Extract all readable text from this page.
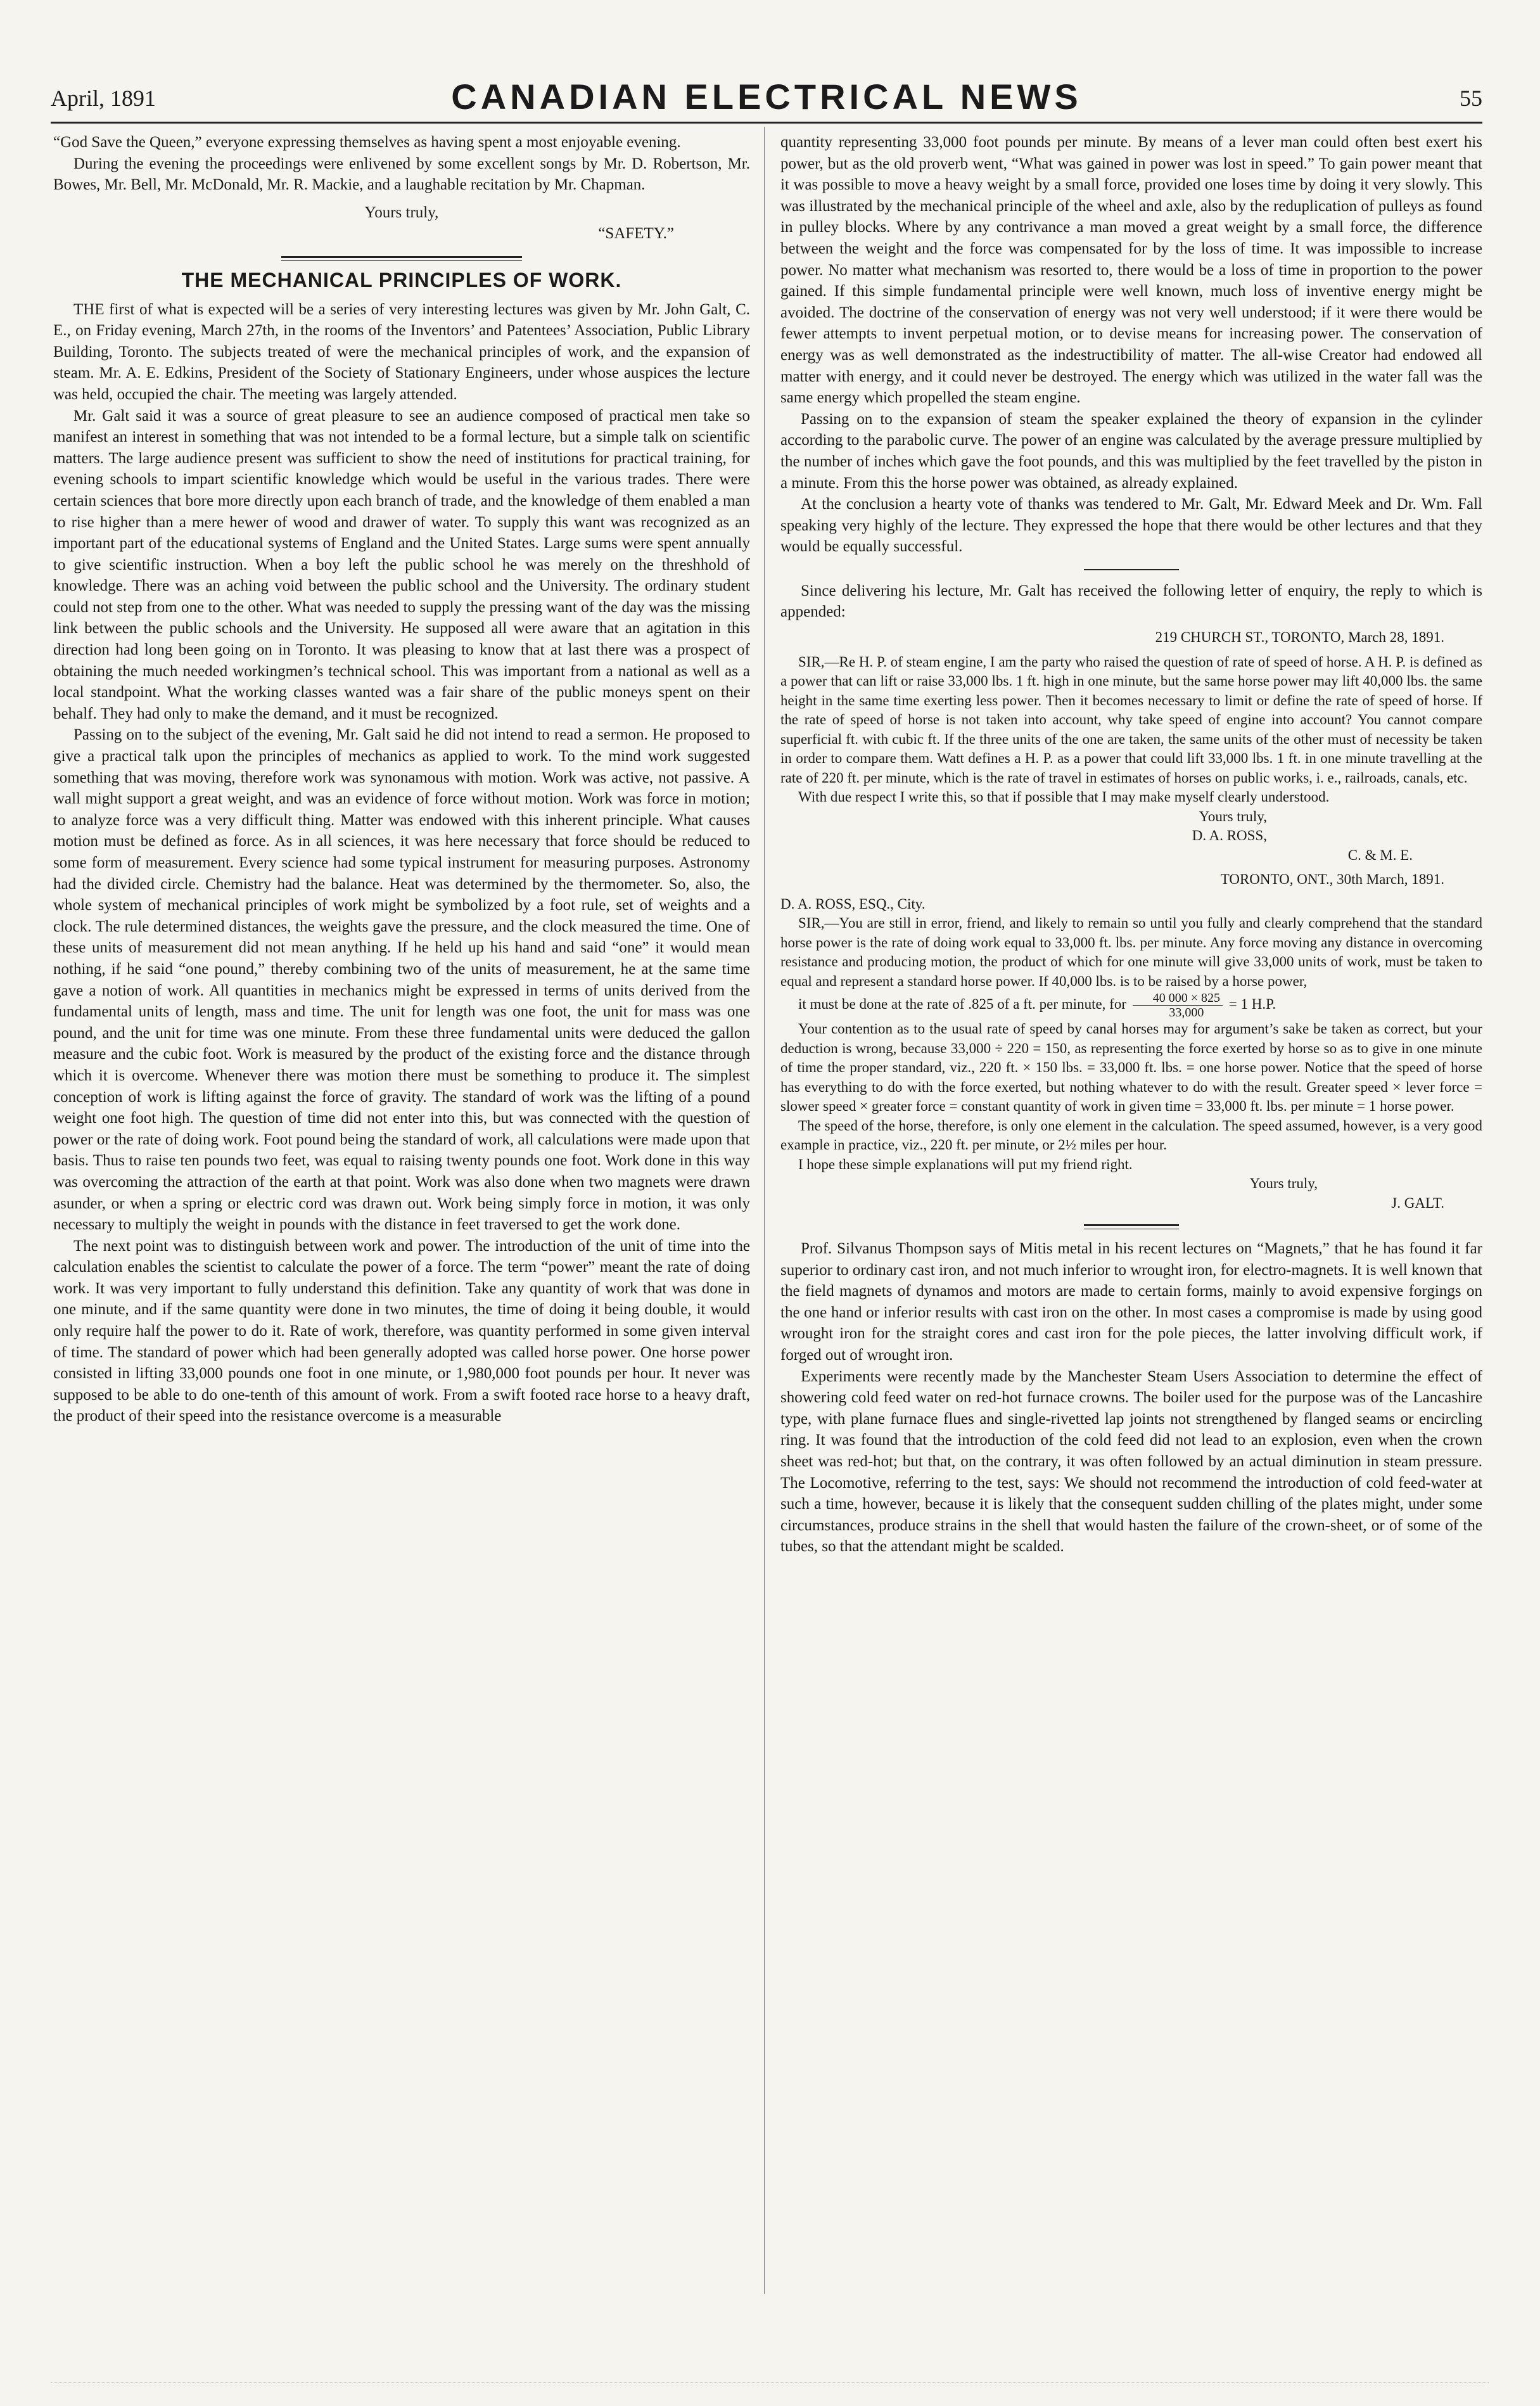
April, 1891	CANADIAN ELECTRICAL NEWS	55

“God Save the Queen,” everyone expressing themselves as having spent a most enjoyable evening.

During the evening the proceedings were enlivened by some excellent songs by Mr. D. Robertson, Mr. Bowes, Mr. Bell, Mr. McDonald, Mr. R. Mackie, and a laughable recitation by Mr. Chapman.

Yours truly,

“SAFETY.”

THE MECHANICAL PRINCIPLES OF WORK.

THE first of what is expected will be a series of very interesting lectures was given by Mr. John Galt, C. E., on Friday evening, March 27th, in the rooms of the Inventors’ and Patentees’ Association, Public Library Building, Toronto. The subjects treated of were the mechanical principles of work, and the expansion of steam. Mr. A. E. Edkins, President of the Society of Stationary Engineers, under whose auspices the lecture was held, occupied the chair. The meeting was largely attended.

Mr. Galt said it was a source of great pleasure to see an audience composed of practical men take so manifest an interest in something that was not intended to be a formal lecture, but a simple talk on scientific matters. The large audience present was sufficient to show the need of institutions for practical training, for evening schools to impart scientific knowledge which would be useful in the various trades. There were certain sciences that bore more directly upon each branch of trade, and the knowledge of them enabled a man to rise higher than a mere hewer of wood and drawer of water. To supply this want was recognized as an important part of the educational systems of England and the United States. Large sums were spent annually to give scientific instruction. When a boy left the public school he was merely on the threshhold of knowledge. There was an aching void between the public school and the University. The ordinary student could not step from one to the other. What was needed to supply the pressing want of the day was the missing link between the public schools and the University. He supposed all were aware that an agitation in this direction had long been going on in Toronto. It was pleasing to know that at last there was a prospect of obtaining the much needed workingmen’s technical school. This was important from a national as well as a local standpoint. What the working classes wanted was a fair share of the public moneys spent on their behalf. They had only to make the demand, and it must be recognized.

Passing on to the subject of the evening, Mr. Galt said he did not intend to read a sermon. He proposed to give a practical talk upon the principles of mechanics as applied to work. To the mind work suggested something that was moving, therefore work was synonamous with motion. Work was active, not passive. A wall might support a great weight, and was an evidence of force without motion. Work was force in motion; to analyze force was a very difficult thing. Matter was endowed with this inherent principle. What causes motion must be defined as force. As in all sciences, it was here necessary that force should be reduced to some form of measurement. Every science had some typical instrument for measuring purposes. Astronomy had the divided circle. Chemistry had the balance. Heat was determined by the thermometer. So, also, the whole system of mechanical principles of work might be symbolized by a foot rule, set of weights and a clock. The rule determined distances, the weights gave the pressure, and the clock measured the time. One of these units of measurement did not mean anything. If he held up his hand and said “one” it would mean nothing, if he said “one pound,” thereby combining two of the units of measurement, he at the same time gave a notion of work. All quantities in mechanics might be expressed in terms of units derived from the fundamental units of length, mass and time. The unit for length was one foot, the unit for mass was one pound, and the unit for time was one minute. From these three fundamental units were deduced the gallon measure and the cubic foot. Work is measured by the product of the existing force and the distance through which it is overcome. Whenever there was motion there must be something to produce it. The simplest conception of work is lifting against the force of gravity. The standard of work was the lifting of a pound weight one foot high. The question of time did not enter into this, but was connected with the question of power or the rate of doing work. Foot pound being the standard of work, all calculations were made upon that basis. Thus to raise ten pounds two feet, was equal to raising twenty pounds one foot. Work done in this way was overcoming the attraction of the earth at that point. Work was also done when two magnets were drawn asunder, or when a spring or electric cord was drawn out. Work being simply force in motion, it was only necessary to multiply the weight in pounds with the distance in feet traversed to get the work done.

The next point was to distinguish between work and power. The introduction of the unit of time into the calculation enables the scientist to calculate the power of a force. The term “power” meant the rate of doing work. It was very important to fully understand this definition. Take any quantity of work that was done in one minute, and if the same quantity were done in two minutes, the time of doing it being double, it would only require half the power to do it. Rate of work, therefore, was quantity performed in some given interval of time. The standard of power which had been generally adopted was called horse power. One horse power consisted in lifting 33,000 pounds one foot in one minute, or 1,980,000 foot pounds per hour. It never was supposed to be able to do one-tenth of this amount of work. From a swift footed race horse to a heavy draft, the product of their speed into the resistance overcome is a measurable

quantity representing 33,000 foot pounds per minute. By means of a lever man could often best exert his power, but as the old proverb went, “What was gained in power was lost in speed.” To gain power meant that it was possible to move a heavy weight by a small force, provided one loses time by doing it very slowly. This was illustrated by the mechanical principle of the wheel and axle, also by the reduplication of pulleys as found in pulley blocks. Where by any contrivance a man moved a great weight by a small force, the difference between the weight and the force was compensated for by the loss of time. It was impossible to increase power. No matter what mechanism was resorted to, there would be a loss of time in proportion to the power gained. If this simple fundamental principle were well known, much loss of inventive energy might be avoided. The doctrine of the conservation of energy was not very well understood; if it were there would be fewer attempts to invent perpetual motion, or to devise means for increasing power. The conservation of energy was as well demonstrated as the indestructibility of matter. The all-wise Creator had endowed all matter with energy, and it could never be destroyed. The energy which was utilized in the water fall was the same energy which propelled the steam engine.

Passing on to the expansion of steam the speaker explained the theory of expansion in the cylinder according to the parabolic curve. The power of an engine was calculated by the average pressure multiplied by the number of inches which gave the foot pounds, and this was multiplied by the feet travelled by the piston in a minute. From this the horse power was obtained, as already explained.

At the conclusion a hearty vote of thanks was tendered to Mr. Galt, Mr. Edward Meek and Dr. Wm. Fall speaking very highly of the lecture. They expressed the hope that there would be other lectures and that they would be equally successful.

Since delivering his lecture, Mr. Galt has received the following letter of enquiry, the reply to which is appended:

219 CHURCH ST., TORONTO, March 28, 1891.

SIR,—Re H. P. of steam engine, I am the party who raised the question of rate of speed of horse. A H. P. is defined as a power that can lift or raise 33,000 lbs. 1 ft. high in one minute, but the same horse power may lift 40,000 lbs. the same height in the same time exerting less power. Then it becomes necessary to limit or define the rate of speed of horse. If the rate of speed of horse is not taken into account, why take speed of engine into account? You cannot compare superficial ft. with cubic ft. If the three units of the one are taken, the same units of the other must of necessity be taken in order to compare them. Watt defines a H. P. as a power that could lift 33,000 lbs. 1 ft. in one minute travelling at the rate of 220 ft. per minute, which is the rate of travel in estimates of horses on public works, i. e., railroads, canals, etc.

With due respect I write this, so that if possible that I may make myself clearly understood.

Yours truly,
D. A. ROSS,
C. & M. E.

TORONTO, ONT., 30th March, 1891.

D. A. ROSS, ESQ., City.

SIR,—You are still in error, friend, and likely to remain so until you fully and clearly comprehend that the standard horse power is the rate of doing work equal to 33,000 ft. lbs. per minute. Any force moving any distance in overcoming resistance and producing motion, the product of which for one minute will give 33,000 units of work, must be taken to equal and represent a standard horse power. If 40,000 lbs. is to be raised by a horse power,

it must be done at the rate of .825 of a ft. per minute, for $\frac{40 000 \times 825}{33,000} = 1$ H.P.

Your contention as to the usual rate of speed by canal horses may for argument’s sake be taken as correct, but your deduction is wrong, because 33,000 ÷ 220 = 150, as representing the force exerted by horse so as to give in one minute of time the proper standard, viz., 220 ft. × 150 lbs. = 33,000 ft. lbs. = one horse power. Notice that the speed of horse has everything to do with the force exerted, but nothing whatever to do with the result. Greater speed × lever force = slower speed × greater force = constant quantity of work in given time = 33,000 ft. lbs. per minute = 1 horse power.

The speed of the horse, therefore, is only one element in the calculation. The speed assumed, however, is a very good example in practice, viz., 220 ft. per minute, or 2½ miles per hour.

I hope these simple explanations will put my friend right.

Yours truly,
J. GALT.

Prof. Silvanus Thompson says of Mitis metal in his recent lectures on “Magnets,” that he has found it far superior to ordinary cast iron, and not much inferior to wrought iron, for electro-magnets. It is well known that the field magnets of dynamos and motors are made to certain forms, mainly to avoid expensive forgings on the one hand or inferior results with cast iron on the other. In most cases a compromise is made by using good wrought iron for the straight cores and cast iron for the pole pieces, the latter involving difficult work, if forged out of wrought iron.

Experiments were recently made by the Manchester Steam Users Association to determine the effect of showering cold feed water on red-hot furnace crowns. The boiler used for the purpose was of the Lancashire type, with plane furnace flues and single-rivetted lap joints not strengthened by flanged seams or encircling ring. It was found that the introduction of the cold feed did not lead to an explosion, even when the crown sheet was red-hot; but that, on the contrary, it was often followed by an actual diminution in steam pressure. The Locomotive, referring to the test, says: We should not recommend the introduction of cold feed-water at such a time, however, because it is likely that the consequent sudden chilling of the plates might, under some circumstances, produce strains in the shell that would hasten the failure of the crown-sheet, or of some of the tubes, so that the attendant might be scalded.
